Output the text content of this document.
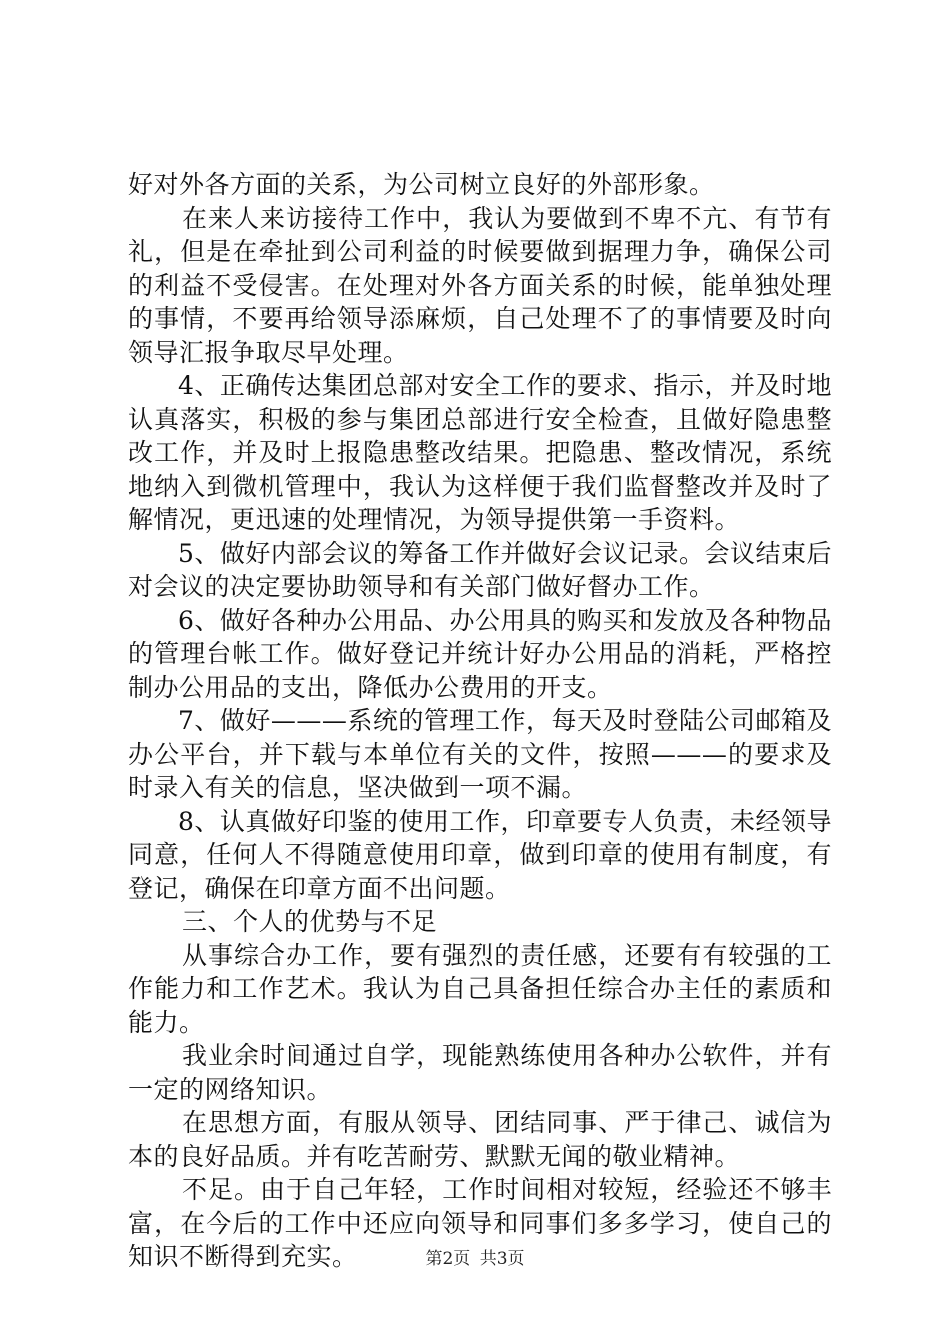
好对外各方面的关系，为公司树立良好的外部形象。

在来人来访接待工作中，我认为要做到不卑不亢、有节有礼，但是在牵扯到公司利益的时候要做到据理力争，确保公司的利益不受侵害。在处理对外各方面关系的时候，能单独处理的事情，不要再给领导添麻烦，自己处理不了的事情要及时向领导汇报争取尽早处理。

4、正确传达集团总部对安全工作的要求、指示，并及时地认真落实，积极的参与集团总部进行安全检查，且做好隐患整改工作，并及时上报隐患整改结果。把隐患、整改情况，系统地纳入到微机管理中，我认为这样便于我们监督整改并及时了解情况，更迅速的处理情况，为领导提供第一手资料。

5、做好内部会议的筹备工作并做好会议记录。会议结束后对会议的决定要协助领导和有关部门做好督办工作。

6、做好各种办公用品、办公用具的购买和发放及各种物品的管理台帐工作。做好登记并统计好办公用品的消耗，严格控制办公用品的支出，降低办公费用的开支。

7、做好———系统的管理工作，每天及时登陆公司邮箱及办公平台，并下载与本单位有关的文件，按照———的要求及时录入有关的信息，坚决做到一项不漏。

8、认真做好印鉴的使用工作，印章要专人负责，未经领导同意，任何人不得随意使用印章，做到印章的使用有制度，有登记，确保在印章方面不出问题。

三、个人的优势与不足

从事综合办工作，要有强烈的责任感，还要有有较强的工作能力和工作艺术。我认为自己具备担任综合办主任的素质和能力。

我业余时间通过自学，现能熟练使用各种办公软件，并有一定的网络知识。

在思想方面，有服从领导、团结同事、严于律己、诚信为本的良好品质。并有吃苦耐劳、默默无闻的敬业精神。

不足。由于自己年轻，工作时间相对较短，经验还不够丰富，在今后的工作中还应向领导和同事们多多学习，使自己的知识不断得到充实。	第2页 共3页
